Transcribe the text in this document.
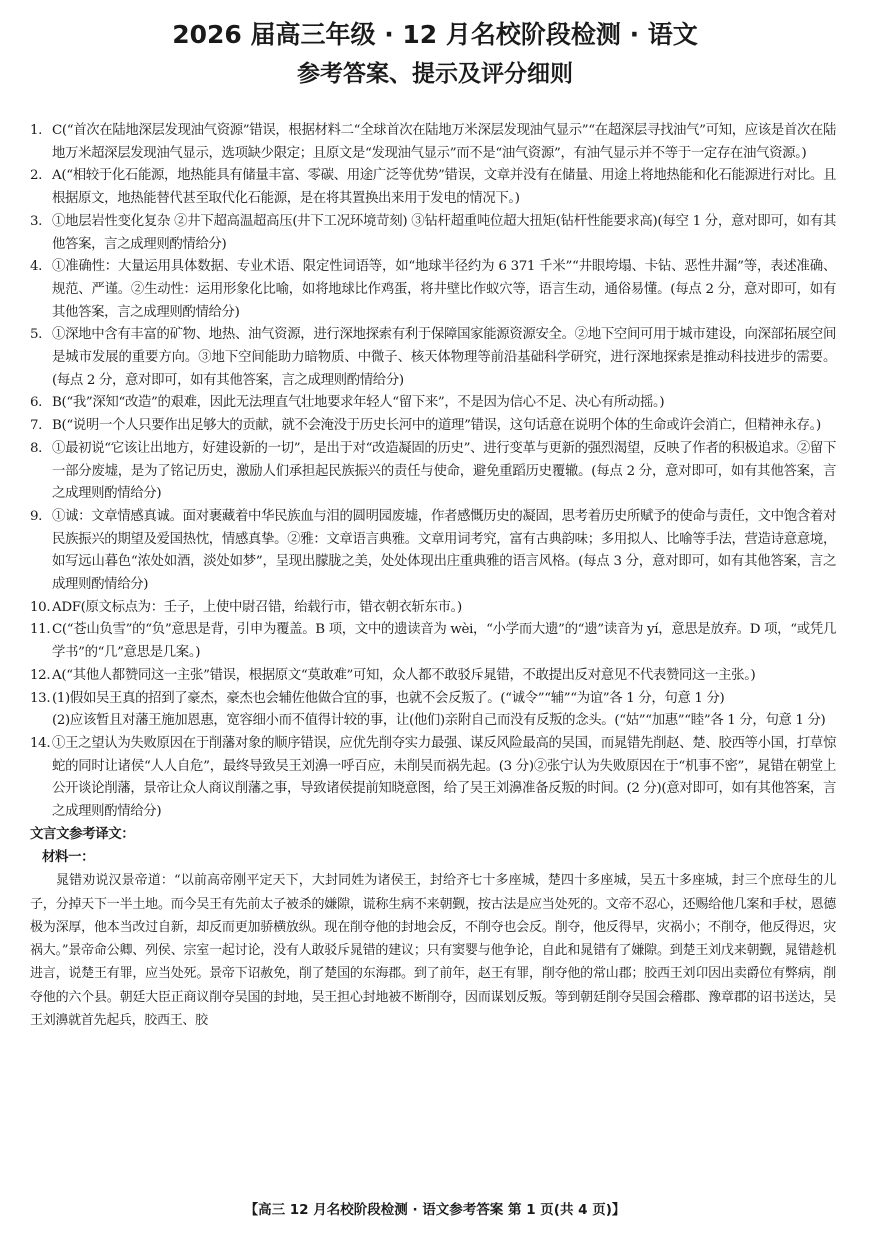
2026 届高三年级 · 12 月名校阶段检测 · 语文
参考答案、提示及评分细则
1. C(“首次在陆地深层发现油气资源”错误，根据材料二“全球首次在陆地万米深层发现油气显示”“在超深层寻找油气”可知，应该是首次在陆地万米超深层发现油气显示，选项缺少限定；且原文是“发现油气显示”而不是“油气资源”，有油气显示并不等于一定存在油气资源。)
2. A(“相较于化石能源，地热能具有储量丰富、零碳、用途广泛等优势”错误，文章并没有在储量、用途上将地热能和化石能源进行对比。且根据原文，地热能替代甚至取代化石能源，是在将其置换出来用于发电的情况下。)
3. ①地层岩性变化复杂 ②井下超高温超高压(井下工况环境苛刻) ③钻杆超重吨位超大扭矩(钻杆性能要求高)(每空 1 分，意对即可，如有其他答案，言之成理则酌情给分)
4. ①准确性：大量运用具体数据、专业术语、限定性词语等，如“地球半径约为 6 371 千米”“井眼垮塌、卡钻、恶性井漏”等，表述准确、规范、严谨。②生动性：运用形象化比喻，如将地球比作鸡蛋，将井壁比作蚁穴等，语言生动，通俗易懂。(每点 2 分，意对即可，如有其他答案，言之成理则酌情给分)
5. ①深地中含有丰富的矿物、地热、油气资源，进行深地探索有利于保障国家能源资源安全。②地下空间可用于城市建设，向深部拓展空间是城市发展的重要方向。③地下空间能助力暗物质、中微子、核天体物理等前沿基础科学研究，进行深地探索是推动科技进步的需要。(每点 2 分，意对即可，如有其他答案，言之成理则酌情给分)
6. B(“我”深知“改造”的艰难，因此无法理直气壮地要求年轻人“留下来”，不是因为信心不足、决心有所动摇。)
7. B(“说明一个人只要作出足够大的贡献，就不会淹没于历史长河中的道理”错误，这句话意在说明个体的生命或许会消亡，但精神永存。)
8. ①最初说“它该让出地方，好建设新的一切”，是出于对“改造凝固的历史”、进行变革与更新的强烈渴望，反映了作者的积极追求。②留下一部分废墟，是为了铭记历史，激励人们承担起民族振兴的责任与使命，避免重蹈历史覆辙。(每点 2 分，意对即可，如有其他答案，言之成理则酌情给分)
9. ①诚：文章情感真诚。面对裹藏着中华民族血与泪的圆明园废墟，作者感慨历史的凝固，思考着历史所赋予的使命与责任，文中饱含着对民族振兴的期望及爱国热忱，情感真挚。②雅：文章语言典雅。文章用词考究，富有古典韵味；多用拟人、比喻等手法，营造诗意意境，如写远山暮色“浓处如酒，淡处如梦”，呈现出朦胧之美，处处体现出庄重典雅的语言风格。(每点 3 分，意对即可，如有其他答案，言之成理则酌情给分)
10. ADF(原文标点为：壬子，上使中尉召错，绐载行市，错衣朝衣斩东市。)
11. C(“苍山负雪”的“负”意思是背，引申为覆盖。B 项，文中的遗读音为 wèi，“小学而大遗”的“遗”读音为 yí，意思是放弃。D 项，“或凭几学书”的“几”意思是几案。)
12. A(“其他人都赞同这一主张”错误，根据原文“莫敢难”可知，众人都不敢驳斥晁错，不敢提出反对意见不代表赞同这一主张。)
13. (1)假如吴王真的招到了豪杰，豪杰也会辅佐他做合宜的事，也就不会反叛了。(“诚令”“辅”“为谊”各 1 分，句意 1 分)

(2)应该暂且对藩王施加恩惠，宽容细小而不值得计较的事，让(他们)亲附自己而没有反叛的念头。(“姑”“加惠”“睦”各 1 分，句意 1 分)

14. ①王之望认为失败原因在于削藩对象的顺序错误，应优先削夺实力最强、谋反风险最高的吴国，而晁错先削赵、楚、胶西等小国，打草惊蛇的同时让诸侯“人人自危”，最终导致吴王刘濞一呼百应，未削吴而祸先起。(3 分)②张宁认为失败原因在于“机事不密”，晁错在朝堂上公开谈论削藩，景帝让众人商议削藩之事，导致诸侯提前知晓意图，给了吴王刘濞准备反叛的时间。(2 分)(意对即可，如有其他答案，言之成理则酌情给分)

文言文参考译文：

材料一：

晁错劝说汉景帝道：“以前高帝刚平定天下，大封同姓为诸侯王，封给齐七十多座城，楚四十多座城，吴五十多座城，封三个庶母生的儿子，分掉天下一半土地。而今吴王有先前太子被杀的嫌隙，谎称生病不来朝觐，按古法是应当处死的。文帝不忍心，还赐给他几案和手杖，恩德极为深厚，他本当改过自新，却反而更加骄横放纵。现在削夺他的封地会反，不削夺也会反。削夺，他反得早，灾祸小；不削夺，他反得迟，灾祸大。”景帝命公卿、列侯、宗室一起讨论，没有人敢驳斥晁错的建议；只有窦婴与他争论，自此和晁错有了嫌隙。到楚王刘戊来朝觐，晁错趁机进言，说楚王有罪，应当处死。景帝下诏赦免，削了楚国的东海郡。到了前年，赵王有罪，削夺他的常山郡；胶西王刘卬因出卖爵位有弊病，削夺他的六个县。朝廷大臣正商议削夺吴国的封地，吴王担心封地被不断削夺，因而谋划反叛。等到朝廷削夺吴国会稽郡、豫章郡的诏书送达，吴王刘濞就首先起兵，胶西王、胶

【高三 12 月名校阶段检测 · 语文参考答案 第 1 页(共 4 页)】
